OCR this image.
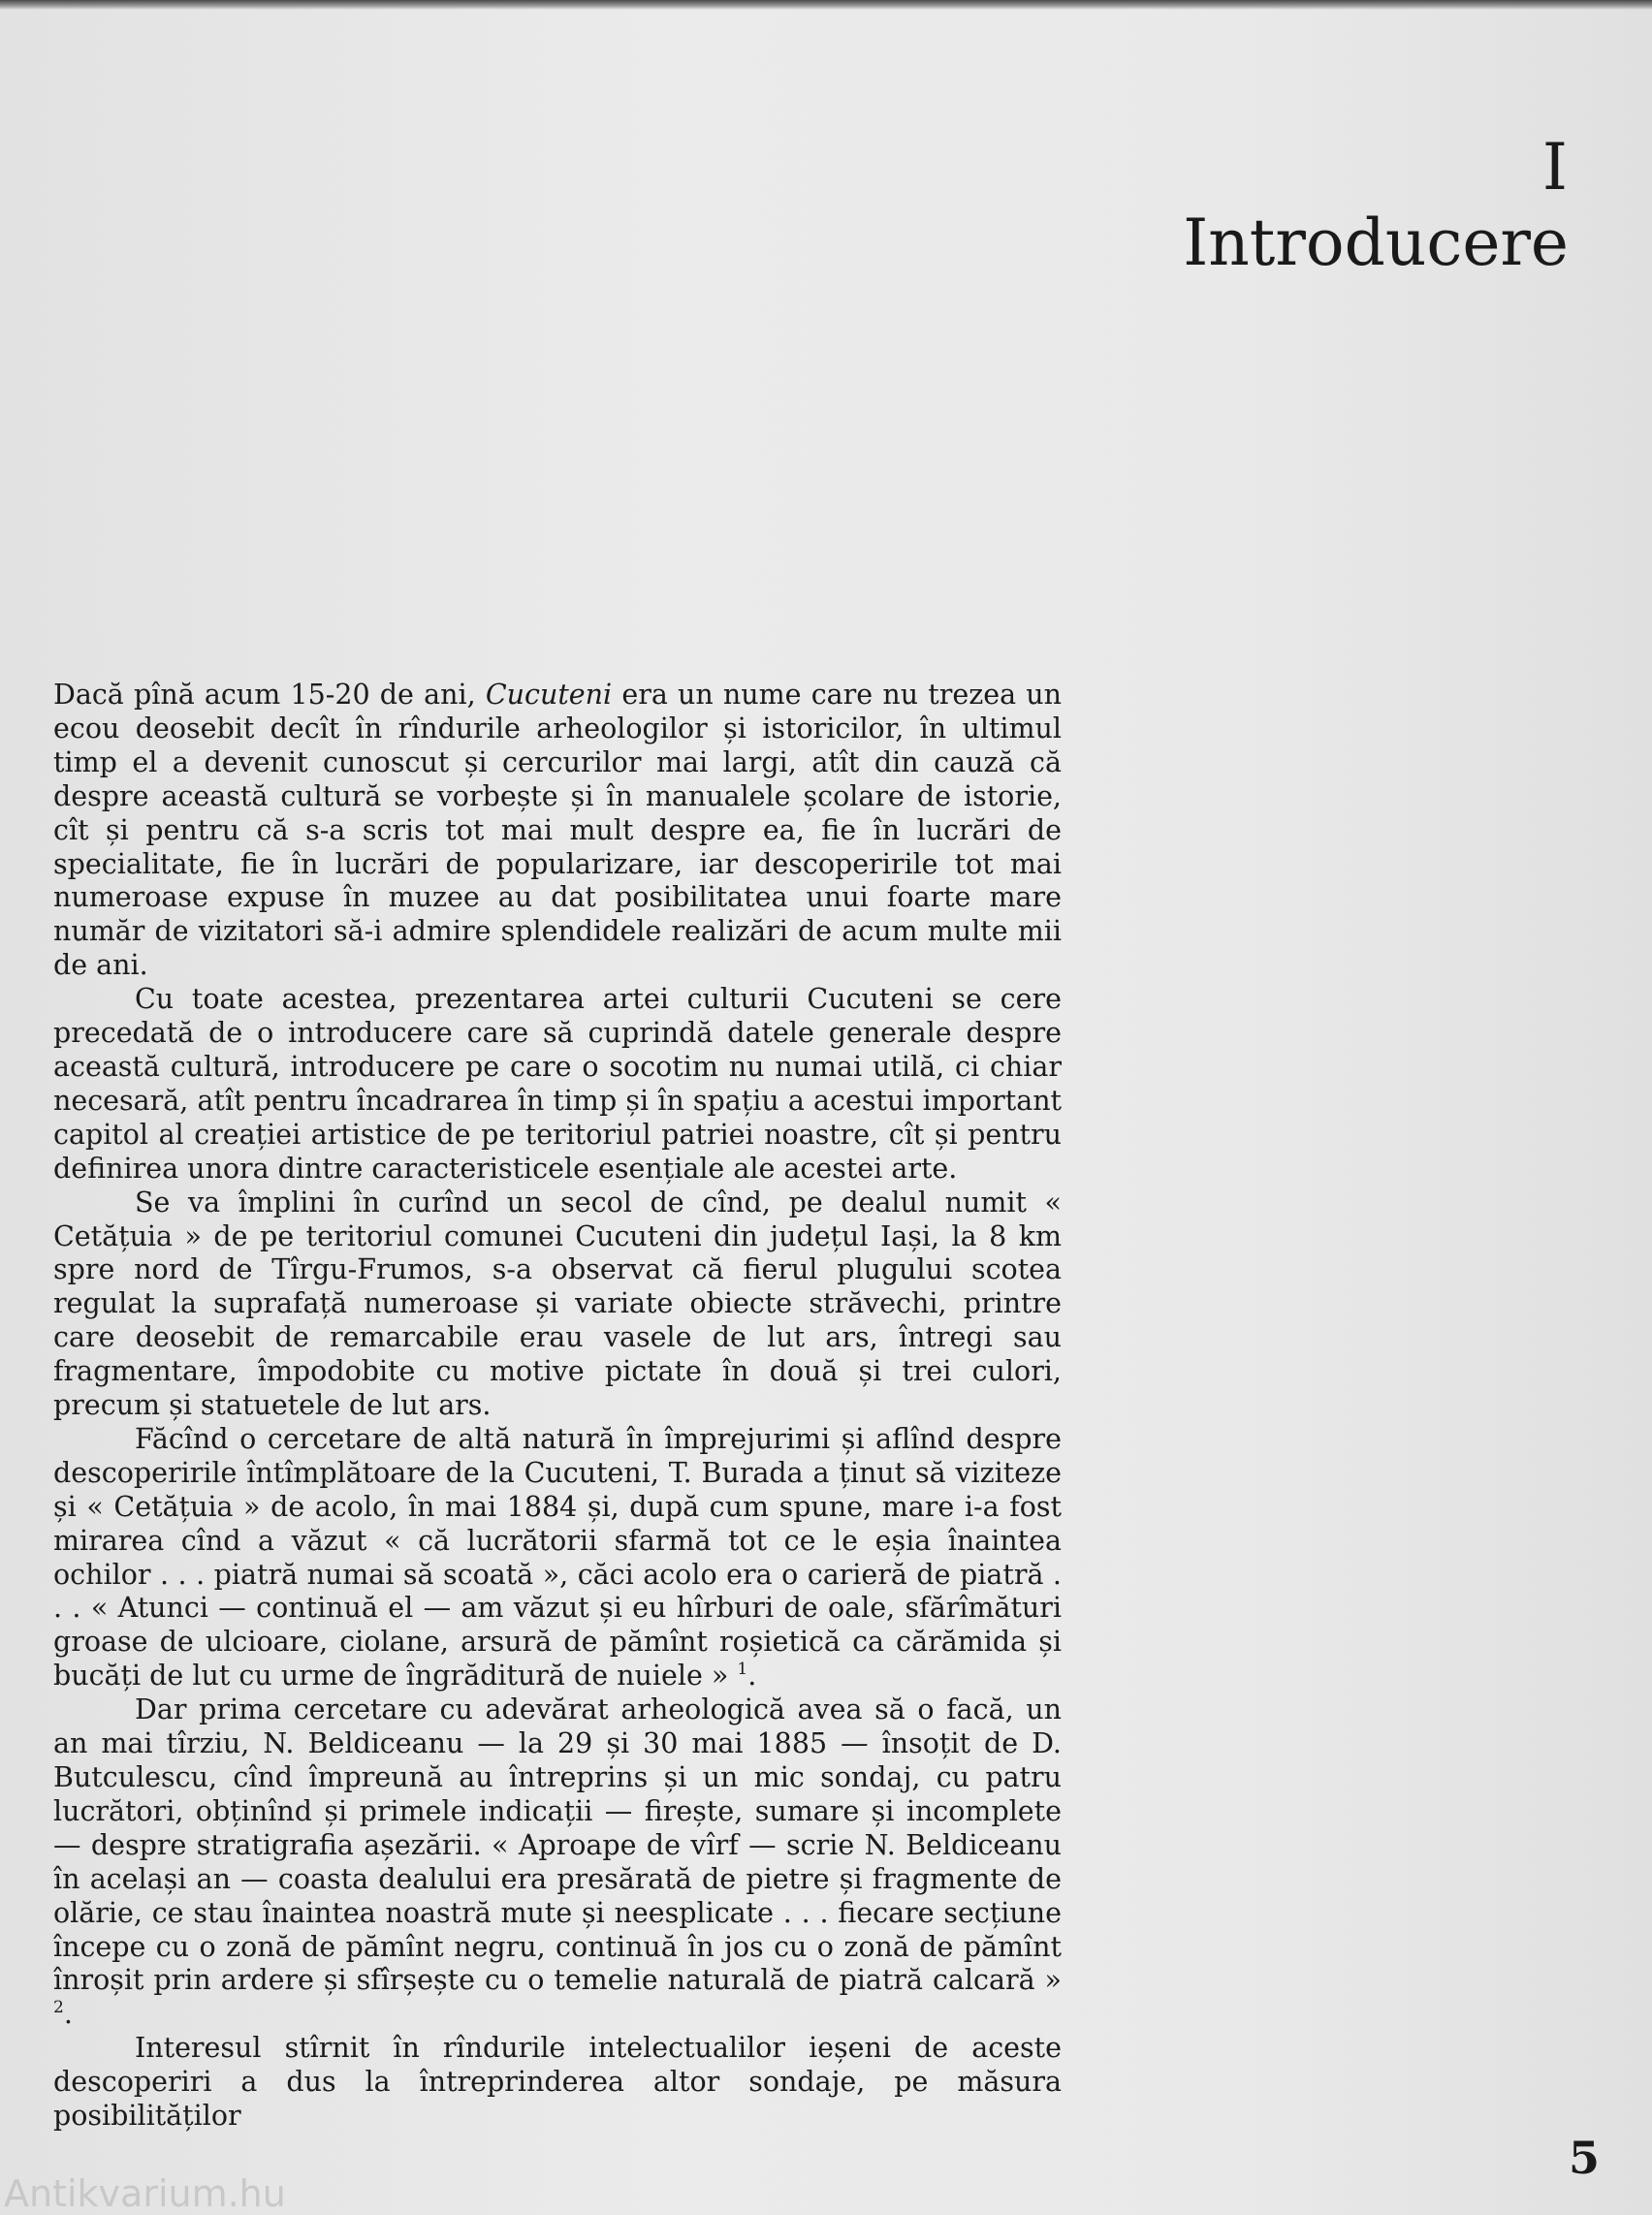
I
Introducere

Dacă pînă acum 15-20 de ani, Cucuteni era un nume care nu trezea un ecou deosebit decît în rîndurile arheologilor și istoricilor, în ultimul timp el a devenit cunoscut și cercurilor mai largi, atît din cauză că despre această cultură se vorbește și în manualele școlare de istorie, cît și pentru că s-a scris tot mai mult despre ea, fie în lucrări de specialitate, fie în lucrări de popularizare, iar descoperirile tot mai numeroase expuse în muzee au dat posibilitatea unui foarte mare număr de vizitatori să-i admire splendidele realizări de acum multe mii de ani.

Cu toate acestea, prezentarea artei culturii Cucuteni se cere precedată de o introducere care să cuprindă datele generale despre această cultură, introducere pe care o socotim nu numai utilă, ci chiar necesară, atît pentru încadrarea în timp și în spațiu a acestui important capitol al creației artistice de pe teritoriul patriei noastre, cît și pentru definirea unora dintre caracteristicele esențiale ale acestei arte.

Se va împlini în curînd un secol de cînd, pe dealul numit « Cetățuia » de pe teritoriul comunei Cucuteni din județul Iași, la 8 km spre nord de Tîrgu-Frumos, s-a observat că fierul plugului scotea regulat la suprafață numeroase și variate obiecte străvechi, printre care deosebit de remarcabile erau vasele de lut ars, întregi sau fragmentare, împodobite cu motive pictate în două și trei culori, precum și statuetele de lut ars.

Făcînd o cercetare de altă natură în împrejurimi și aflînd despre descoperirile întîmplătoare de la Cucuteni, T. Burada a ținut să viziteze și « Cetățuia » de acolo, în mai 1884 și, după cum spune, mare i-a fost mirarea cînd a văzut « că lucrătorii sfarmă tot ce le eșia înaintea ochilor . . . piatră numai să scoată », căci acolo era o carieră de piatră . . . « Atunci — continuă el — am văzut și eu hîrburi de oale, sfărîmături groase de ulcioare, ciolane, arsură de pămînt roșietică ca cărămida și bucăți de lut cu urme de îngrăditură de nuiele » $^1$.

Dar prima cercetare cu adevărat arheologică avea să o facă, un an mai tîrziu, N. Beldiceanu — la 29 și 30 mai 1885 — însoțit de D. Butculescu, cînd împreună au întreprins și un mic sondaj, cu patru lucrători, obținînd și primele indicații — firește, sumare și incomplete — despre stratigrafia așezării. « Aproape de vîrf — scrie N. Beldiceanu în același an — coasta dealului era presărată de pietre și fragmente de olărie, ce stau înaintea noastră mute și neesplicate . . . fiecare secțiune începe cu o zonă de pămînt negru, continuă în jos cu o zonă de pămînt înroșit prin ardere și sfîrșește cu o temelie naturală de piatră calcară » $^2$.

Interesul stîrnit în rîndurile intelectualilor ieșeni de aceste descoperiri a dus la întreprinderea altor sondaje, pe măsura posibilităților

5
Antikvarium.hu
